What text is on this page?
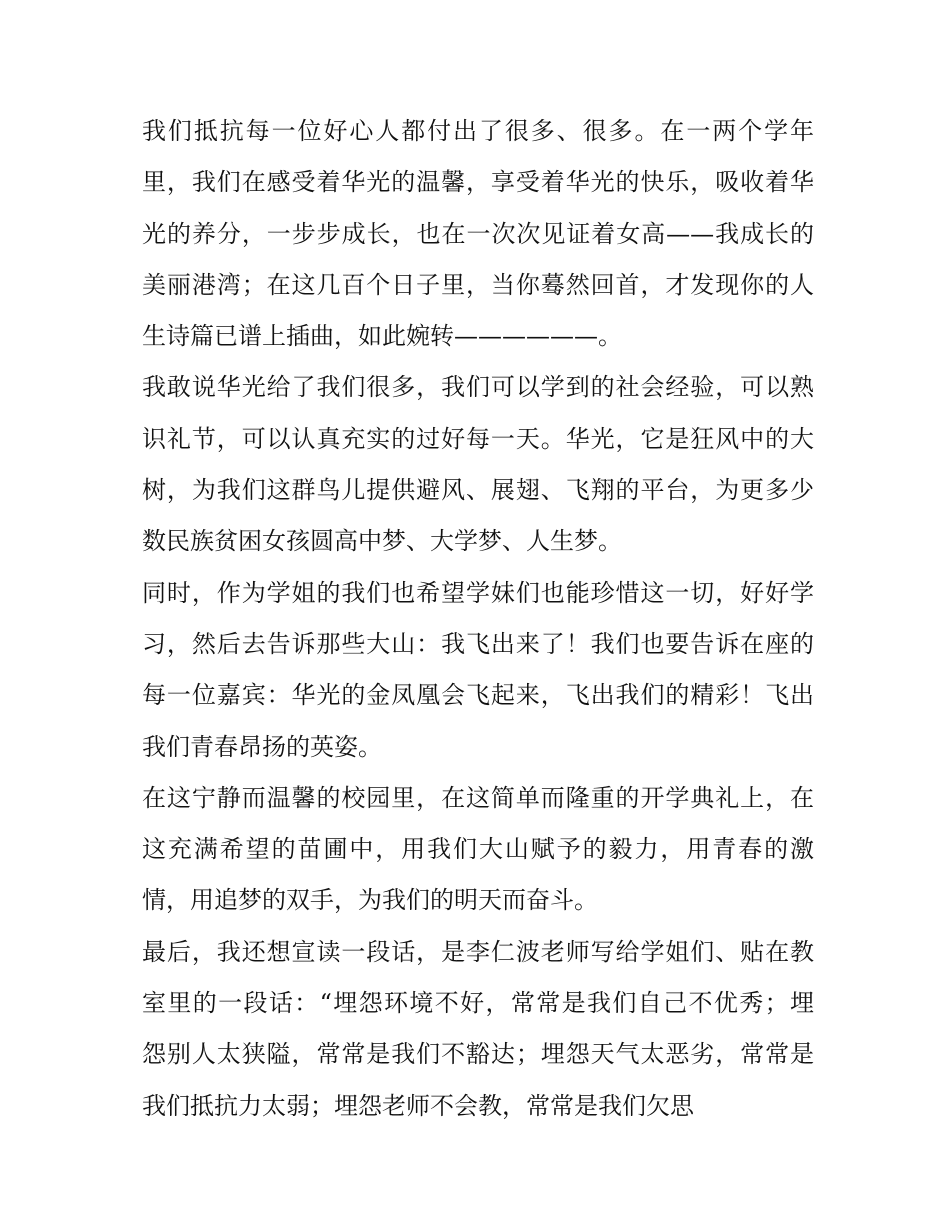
我们抵抗每一位好心人都付出了很多、很多。在一两个学年
里，我们在感受着华光的温馨，享受着华光的快乐，吸收着华
光的养分，一步步成长，也在一次次见证着女高——我成长的
美丽港湾；在这几百个日子里，当你蓦然回首，才发现你的人
生诗篇已谱上插曲，如此婉转——————。
我敢说华光给了我们很多，我们可以学到的社会经验，可以熟
识礼节，可以认真充实的过好每一天。华光，它是狂风中的大
树，为我们这群鸟儿提供避风、展翅、飞翔的平台，为更多少
数民族贫困女孩圆高中梦、大学梦、人生梦。
同时，作为学姐的我们也希望学妹们也能珍惜这一切，好好学
习，然后去告诉那些大山：我飞出来了！我们也要告诉在座的
每一位嘉宾：华光的金凤凰会飞起来，飞出我们的精彩！飞出
我们青春昂扬的英姿。
在这宁静而温馨的校园里，在这简单而隆重的开学典礼上，在
这充满希望的苗圃中，用我们大山赋予的毅力，用青春的激
情，用追梦的双手，为我们的明天而奋斗。
最后，我还想宣读一段话，是李仁波老师写给学姐们、贴在教
室里的一段话：“埋怨环境不好，常常是我们自己不优秀；埋
怨别人太狭隘，常常是我们不豁达；埋怨天气太恶劣，常常是
我们抵抗力太弱；埋怨老师不会教，常常是我们欠思
